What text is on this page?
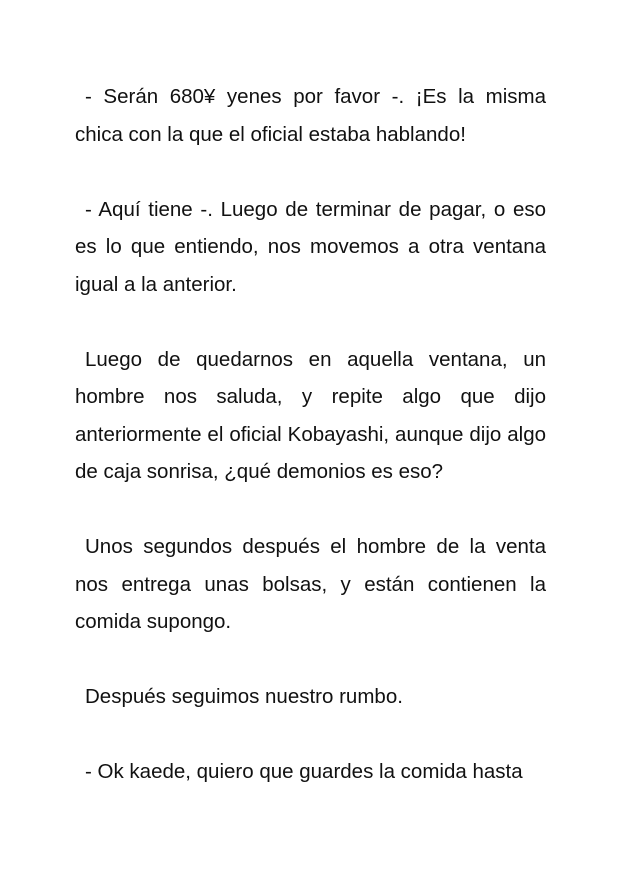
- Serán 680¥ yenes por favor -. ¡Es la misma chica con la que el oficial estaba hablando!

- Aquí tiene -. Luego de terminar de pagar, o eso es lo que entiendo, nos movemos a otra ventana igual a la anterior.

Luego de quedarnos en aquella ventana, un hombre nos saluda, y repite algo que dijo anteriormente el oficial Kobayashi, aunque dijo algo de caja sonrisa, ¿qué demonios es eso?

Unos segundos después el hombre de la venta nos entrega unas bolsas, y están contienen la comida supongo.

Después seguimos nuestro rumbo.

- Ok kaede, quiero que guardes la comida hasta
